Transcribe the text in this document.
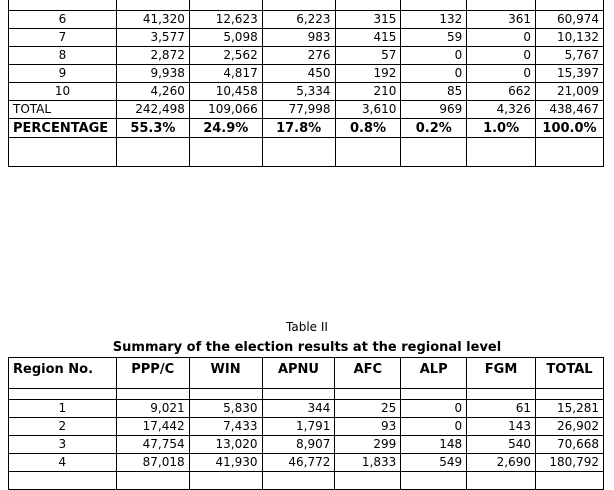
6	41,320	12,623	6,223	315	132	361	60,974
7	3,577	5,098	983	415	59	0	10,132
8	2,872	2,562	276	57	0	0	5,767
9	9,938	4,817	450	192	0	0	15,397
10	4,260	10,458	5,334	210	85	662	21,009
TOTAL	242,498	109,066	77,998	3,610	969	4,326	438,467
PERCENTAGE	55.3%	24.9%	17.8%	0.8%	0.2%	1.0%	100.0%

Table II
Summary of the election results at the regional level
Region No.	PPP/C	WIN	APNU	AFC	ALP	FGM	TOTAL

1	9,021	5,830	344	25	0	61	15,281
2	17,442	7,433	1,791	93	0	143	26,902
3	47,754	13,020	8,907	299	148	540	70,668
4	87,018	41,930	46,772	1,833	549	2,690	180,792
